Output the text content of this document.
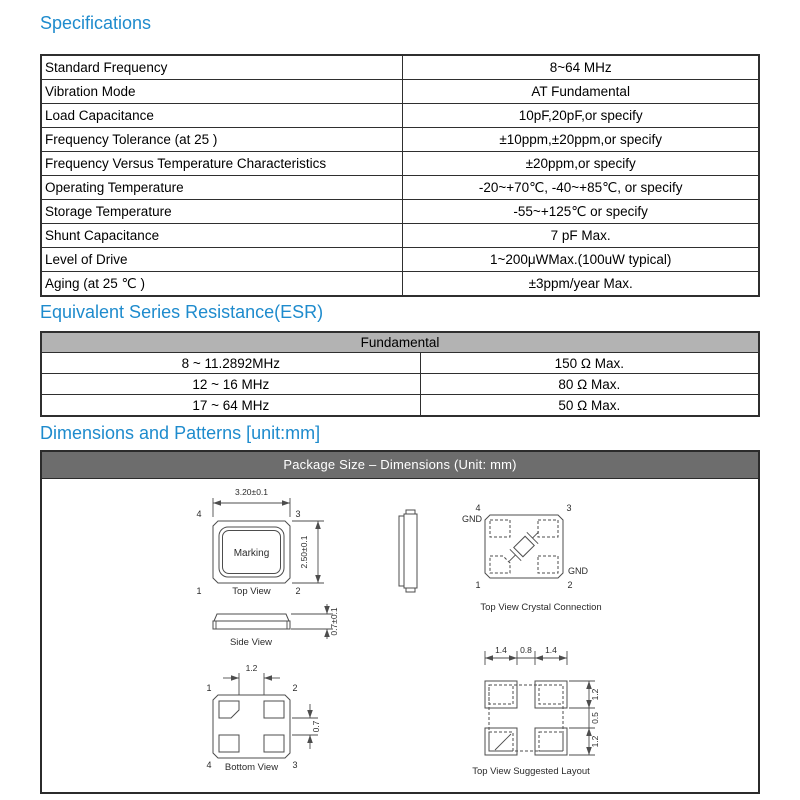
Specifications
Standard Frequency	8~64 MHz
Vibration Mode	AT Fundamental
Load Capacitance	10pF,20pF,or specify
Frequency Tolerance (at 25 )	±10ppm,±20ppm,or specify
Frequency Versus Temperature Characteristics	±20ppm,or specify
Operating Temperature	-20~+70℃, -40~+85℃, or specify
Storage Temperature	-55~+125℃ or specify
Shunt Capacitance	7 pF Max.
Level of Drive	1~200μWMax.(100uW typical)
Aging (at 25 ℃ )	±3ppm/year Max.
Equivalent Series Resistance(ESR)
Fundamental	
8 ~ 11.2892MHz	150 Ω Max.
12 ~ 16 MHz	80 Ω Max.
17 ~ 64 MHz	50 Ω Max.
Dimensions and Patterns [unit:mm]
Package Size – Dimensions (Unit: mm)
3.20±0.1
4	3
Marking	2.50±0.1
1	2
Top View
4	3
GND
1	2
GND
Top View Crystal Connection
0.7±0.1
Side View
1.2
1	2
0.7
4	3
Bottom View
1.4 0.8 1.4
1.2
0.5
1.2
Top View Suggested Layout
